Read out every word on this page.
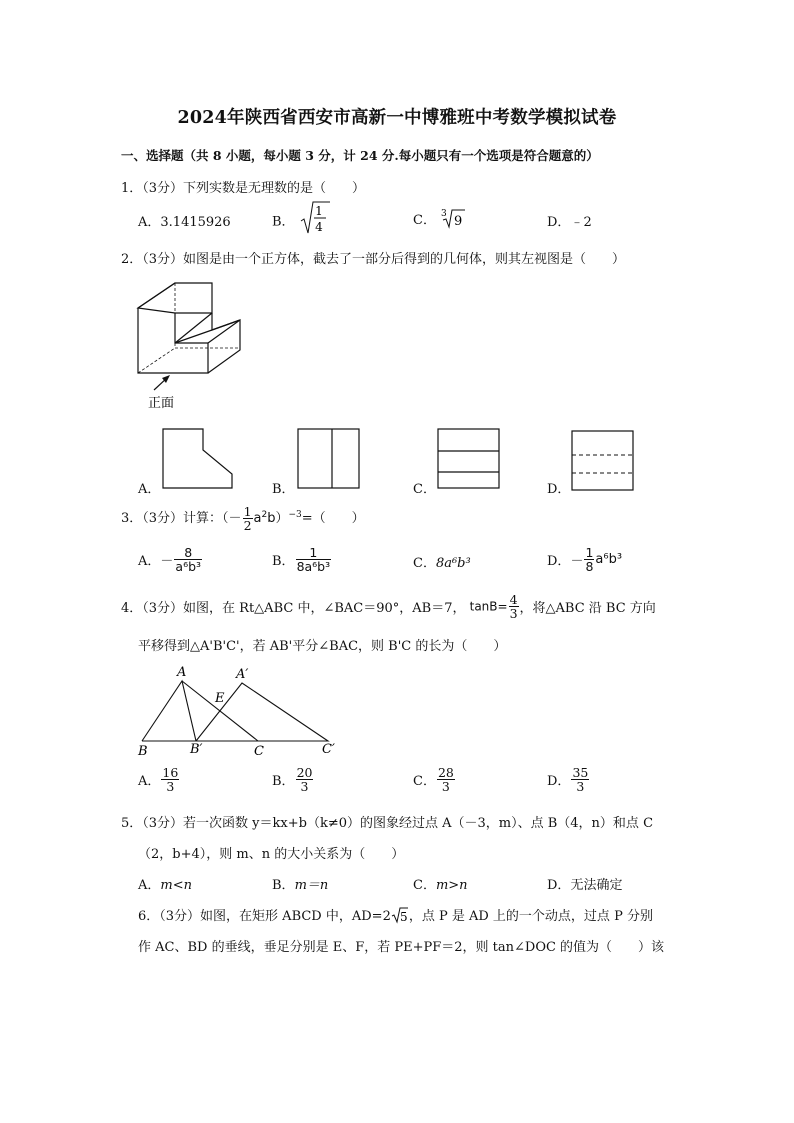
2024年陕西省西安市高新一中博雅班中考数学模拟试卷
一、选择题（共 8 小题，每小题 3 分，计 24 分.每小题只有一个选项是符合题意的）
1．（3分）下列实数是无理数的是（　　）
A．3.1415926	B．
1
4	C． 3 9	D．﹣2
2．（3分）如图是由一个正方体，截去了一部分后得到的几何体，则其左视图是（　　）
正面
A．	B．	C．	D．
3．（3分）计算：（－ $\frac{1}{2} a^2b)^{-3}=$（　　）
A．－ $\frac{8}{\text{a⁶b³}}$	B． $\frac{1}{\text{8a⁶b³}}$	C．8a⁶b³	D．－ $\frac{1}{8} a^6b^3$
4．（3分）如图，在 Rt△ABC 中，∠BAC＝90°，AB＝7， $\tan B= \frac{4}{3}$ ，将△ABC 沿 BC 方向
平移得到△A'B'C'，若 AB'平分∠BAC，则 B'C 的长为（　　）
A	A′
E
B	B′	C	C′
A． $\frac{16}{3}$	B． $\frac{20}{3}$	C． $\frac{28}{3}$	D． $\frac{35}{3}$
5．（3分）若一次函数 y＝kx+b（k≠0）的图象经过点 A（－3，m）、点 B（4，n）和点 C
（2，b+4），则 m、n 的大小关系为（　　）
A．m<n	B．m＝n	C．m>n	D．无法确定
6．（3分）如图，在矩形 ABCD 中，AD=2 5 ，点 P 是 AD 上的一个动点，过点 P 分别
作 AC、BD 的垂线，垂足分别是 E、F，若 PE+PF＝2，则 tan∠DOC 的值为（　　）该
